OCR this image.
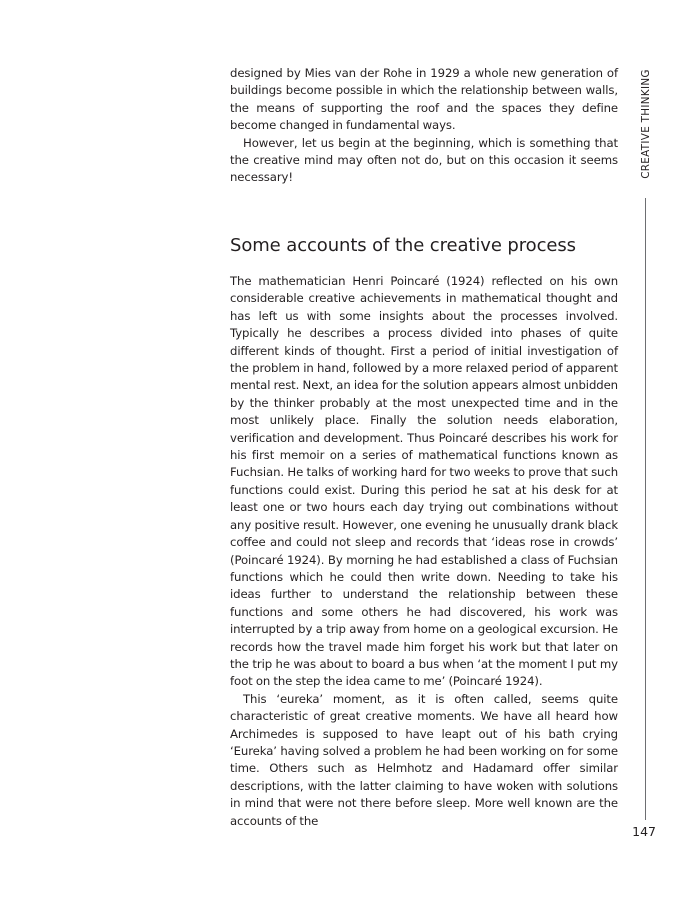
designed by Mies van der Rohe in 1929 a whole new generation of buildings become possible in which the relationship between walls, the means of supporting the roof and the spaces they define become changed in fundamental ways.

However, let us begin at the beginning, which is something that the creative mind may often not do, but on this occasion it seems necessary!

Some accounts of the creative process

The mathematician Henri Poincaré (1924) reflected on his own considerable creative achievements in mathematical thought and has left us with some insights about the processes involved. Typically he describes a process divided into phases of quite different kinds of thought. First a period of initial investigation of the problem in hand, followed by a more relaxed period of apparent mental rest. Next, an idea for the solution appears almost unbidden by the thinker probably at the most unexpected time and in the most unlikely place. Finally the solution needs elaboration, verification and development. Thus Poincaré describes his work for his first memoir on a series of mathematical functions known as Fuchsian. He talks of working hard for two weeks to prove that such functions could exist. During this period he sat at his desk for at least one or two hours each day trying out combinations without any positive result. However, one evening he unusually drank black coffee and could not sleep and records that ‘ideas rose in crowds’ (Poincaré 1924). By morning he had established a class of Fuchsian functions which he could then write down. Needing to take his ideas further to understand the relationship between these functions and some others he had discovered, his work was interrupted by a trip away from home on a geological excursion. He records how the travel made him forget his work but that later on the trip he was about to board a bus when ‘at the moment I put my foot on the step the idea came to me’ (Poincaré 1924).

This ‘eureka’ moment, as it is often called, seems quite characteristic of great creative moments. We have all heard how Archimedes is supposed to have leapt out of his bath crying ‘Eureka’ having solved a problem he had been working on for some time. Others such as Helmhotz and Hadamard offer similar descriptions, with the latter claiming to have woken with solutions in mind that were not there before sleep. More well known are the accounts of the

CREATIVE THINKING
147
